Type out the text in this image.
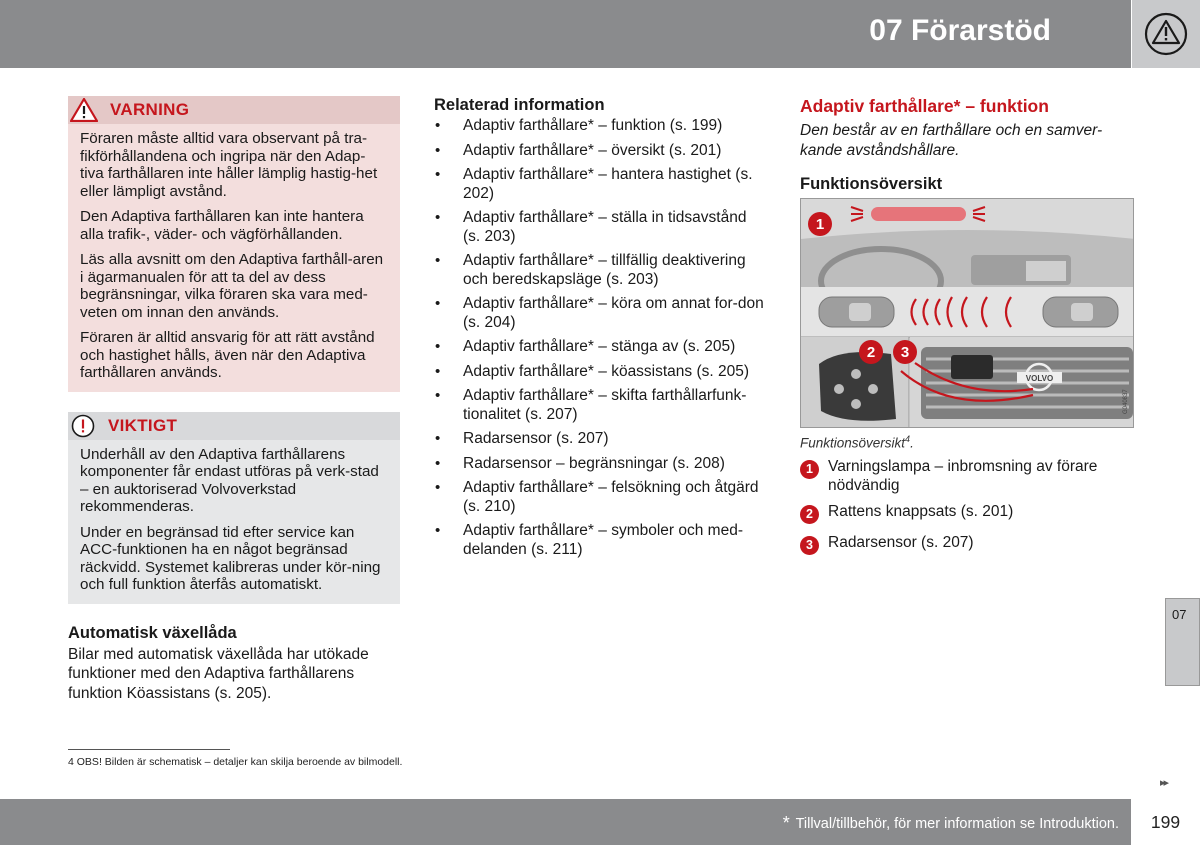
07 Förarstöd
VARNING

Föraren måste alltid vara observant på tra-fikförhållandena och ingripa när den Adap-tiva farthållaren inte håller lämplig hastig-het eller lämpligt avstånd.

Den Adaptiva farthållaren kan inte hantera alla trafik-, väder- och vägförhållanden.

Läs alla avsnitt om den Adaptiva farthåll-aren i ägarmanualen för att ta del av dess begränsningar, vilka föraren ska vara med-veten om innan den används.

Föraren är alltid ansvarig för att rätt avstånd och hastighet hålls, även när den Adaptiva farthållaren används.

VIKTIGT

Underhåll av den Adaptiva farthållarens komponenter får endast utföras på verk-stad – en auktoriserad Volvoverkstad rekommenderas.

Under en begränsad tid efter service kan ACC-funktionen ha en något begränsad räckvidd. Systemet kalibreras under kör-ning och full funktion återfås automatiskt.

Automatisk växellåda
Bilar med automatisk växellåda har utökade funktioner med den Adaptiva farthållarens funktion Köassistans (s. 205).
Relaterad information
• Adaptiv farthållare* – funktion (s. 199)
• Adaptiv farthållare* – översikt (s. 201)
• Adaptiv farthållare* – hantera hastighet (s. 202)
• Adaptiv farthållare* – ställa in tidsavstånd (s. 203)
• Adaptiv farthållare* – tillfällig deaktivering och beredskapsläge (s. 203)
• Adaptiv farthållare* – köra om annat for-don (s. 204)
• Adaptiv farthållare* – stänga av (s. 205)
• Adaptiv farthållare* – köassistans (s. 205)
• Adaptiv farthållare* – skifta farthållarfunk-tionalitet (s. 207)
• Radarsensor (s. 207)
• Radarsensor – begränsningar (s. 208)
• Adaptiv farthållare* – felsökning och åtgärd (s. 210)
• Adaptiv farthållare* – symboler och med-delanden (s. 211)
Adaptiv farthållare* – funktion
Den består av en farthållare och en samver-kande avståndshållare.
Funktionsöversikt
VOLVO
G040837
1
2	3
Funktionsöversikt$^4$.
1 Varningslampa – inbromsning av förare nödvändig
2 Rattens knappsats (s. 201)
3 Radarsensor (s. 207)
4 OBS! Bilden är schematisk – detaljer kan skilja beroende av bilmodell.
▸▸
07
* Tillval/tillbehör, för mer information se Introduktion.	199
